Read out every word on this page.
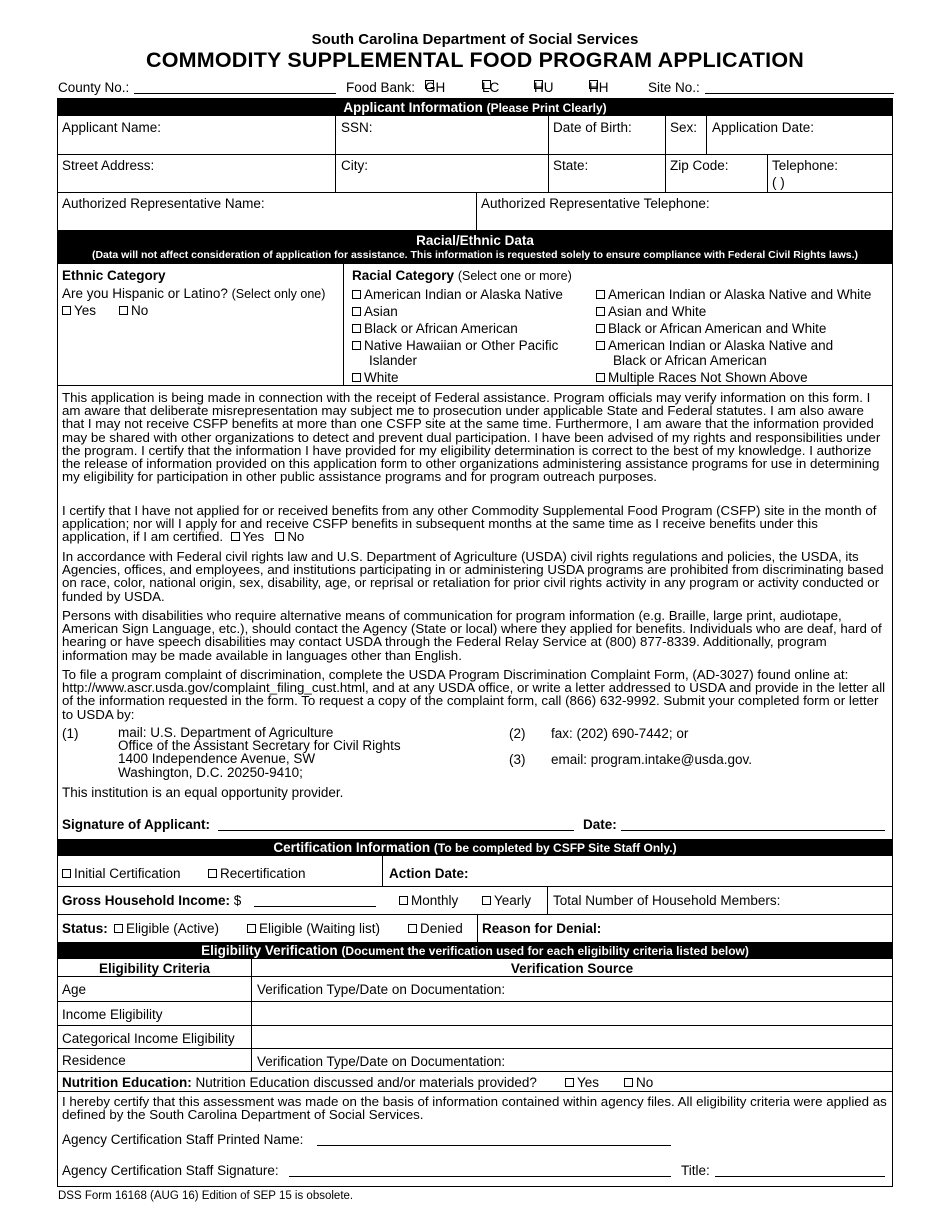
South Carolina Department of Social Services
COMMODITY SUPPLEMENTAL FOOD PROGRAM APPLICATION
County No.:	Food Bank: GH	LC	HU	HH	Site No.:
Applicant Information (Please Print Clearly)
Applicant Name:	SSN:	Date of Birth:	Sex: Application Date:
Street Address:	City:	State:	Zip Code:	Telephone:
( )
Authorized Representative Name:	Authorized Representative Telephone:
Racial/Ethnic Data
(Data will not affect consideration of application for assistance. This information is requested solely to ensure compliance with Federal Civil Rights laws.)
Ethnic Category
Are you Hispanic or Latino? (Select only one)
Yes	No
Racial Category (Select one or more)
American Indian or Alaska Native
Asian
Black or African American
Native Hawaiian or Other Pacific
Islander
White
American Indian or Alaska Native and White
Asian and White
Black or African American and White
American Indian or Alaska Native and
Black or African American
Multiple Races Not Shown Above
This application is being made in connection with the receipt of Federal assistance. Program officials may verify information on this form. I am aware that deliberate misrepresentation may subject me to prosecution under applicable State and Federal statutes. I am also aware that I may not receive CSFP benefits at more than one CSFP site at the same time. Furthermore, I am aware that the information provided may be shared with other organizations to detect and prevent dual participation. I have been advised of my rights and responsibilities under the program. I certify that the information I have provided for my eligibility determination is correct to the best of my knowledge. I authorize the release of information provided on this application form to other organizations administering assistance programs for use in determining my eligibility for participation in other public assistance programs and for program outreach purposes.
I certify that I have not applied for or received benefits from any other Commodity Supplemental Food Program (CSFP) site in the month of application; nor will I apply for and receive CSFP benefits in subsequent months at the same time as I receive benefits under this application, if I am certified. Yes No
In accordance with Federal civil rights law and U.S. Department of Agriculture (USDA) civil rights regulations and policies, the USDA, its Agencies, offices, and employees, and institutions participating in or administering USDA programs are prohibited from discriminating based on race, color, national origin, sex, disability, age, or reprisal or retaliation for prior civil rights activity in any program or activity conducted or funded by USDA.
Persons with disabilities who require alternative means of communication for program information (e.g. Braille, large print, audiotape, American Sign Language, etc.), should contact the Agency (State or local) where they applied for benefits. Individuals who are deaf, hard of hearing or have speech disabilities may contact USDA through the Federal Relay Service at (800) 877-8339. Additionally, program information may be made available in languages other than English.
To file a program complaint of discrimination, complete the USDA Program Discrimination Complaint Form, (AD-3027) found online at: http://www.ascr.usda.gov/complaint_filing_cust.html, and at any USDA office, or write a letter addressed to USDA and provide in the letter all of the information requested in the form. To request a copy of the complaint form, call (866) 632-9992. Submit your completed form or letter to USDA by:
(1)	mail: U.S. Department of Agriculture
Office of the Assistant Secretary for Civil Rights
1400 Independence Avenue, SW
Washington, D.C. 20250-9410;
(2) fax: (202) 690-7442; or
(3) email: program.intake@usda.gov.
This institution is an equal opportunity provider.
Signature of Applicant:	Date:
Certification Information (To be completed by CSFP Site Staff Only.)
Initial Certification	Recertification	Action Date:
Gross Household Income: $	Monthly	Yearly Total Number of Household Members:
Status:	Eligible (Active)	Eligible (Waiting list)	Denied Reason for Denial:
Eligibility Verification (Document the verification used for each eligibility criteria listed below)
Eligibility Criteria	Verification Source
Age	Verification Type/Date on Documentation:
Income Eligibility
Categorical Income Eligibility
Residence	Verification Type/Date on Documentation:
Nutrition Education: Nutrition Education discussed and/or materials provided?	Yes	No
I hereby certify that this assessment was made on the basis of information contained within agency files. All eligibility criteria were applied as defined by the South Carolina Department of Social Services.
Agency Certification Staff Printed Name:
Agency Certification Staff Signature:	Title:
DSS Form 16168 (AUG 16) Edition of SEP 15 is obsolete.
